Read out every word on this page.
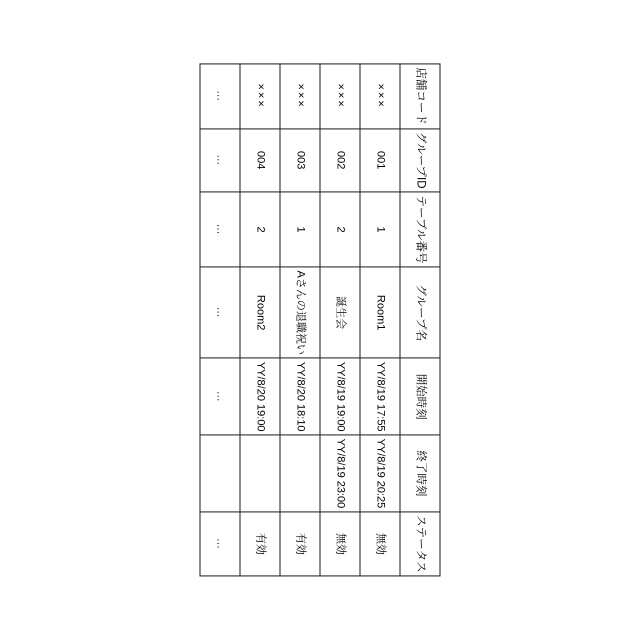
店舗コード	グループID	テーブル番号	グループ名	開始時刻	終了時刻	ステータス
×××	001	1	Room1	YY/8/19 17:55	YY/8/19 20:25	無効
×××	002	2	誕生会	YY/8/19 19:00	YY/8/19 23:00	無効
×××	003	1	Aさんの退職祝い	YY/8/20 18:10		有効
×××	004	2	Room2	YY/8/20 19:00		有効
…	…	…	…	…		…
